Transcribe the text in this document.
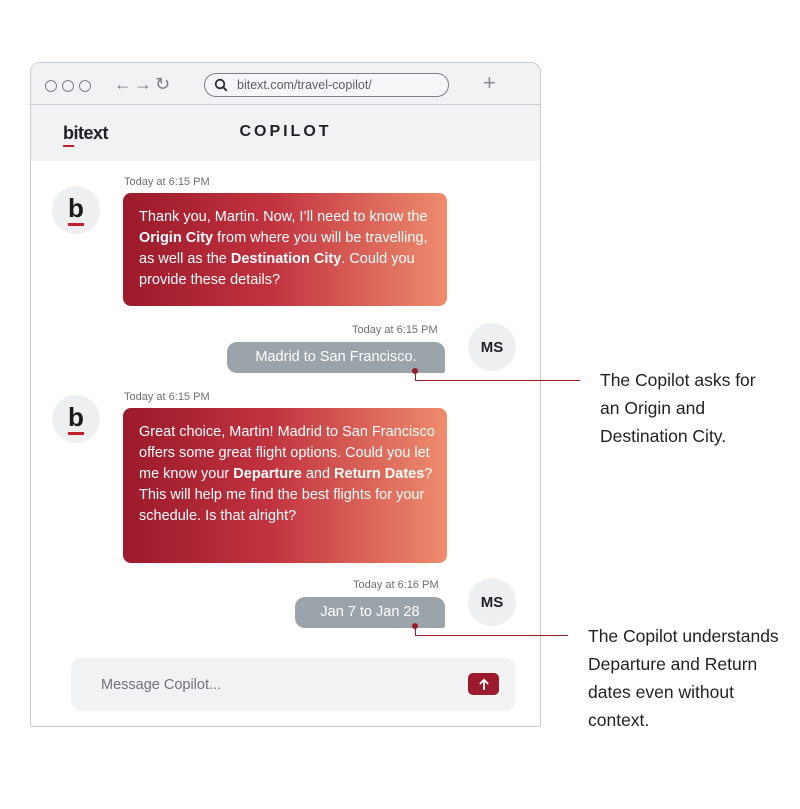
← → ↻	bitext.com/travel-copilot/	+
bitext	COPILOT
b
Today at 6:15 PM
Thank you, Martin. Now, I’ll need to know the Origin City from where you will be travelling, as well as the Destination City. Could you provide these details?
Today at 6:15 PM
Madrid to San Francisco.
MS
b
Today at 6:15 PM
Great choice, Martin! Madrid to San Francisco offers some great flight options. Could you let me know your Departure and Return Dates? This will help me find the best flights for your schedule. Is that alright?
Today at 6:16 PM
Jan 7 to Jan 28
MS
Message Copilot...
The Copilot asks for an Origin and Destination City.
The Copilot understands Departure and Return dates even without context.
